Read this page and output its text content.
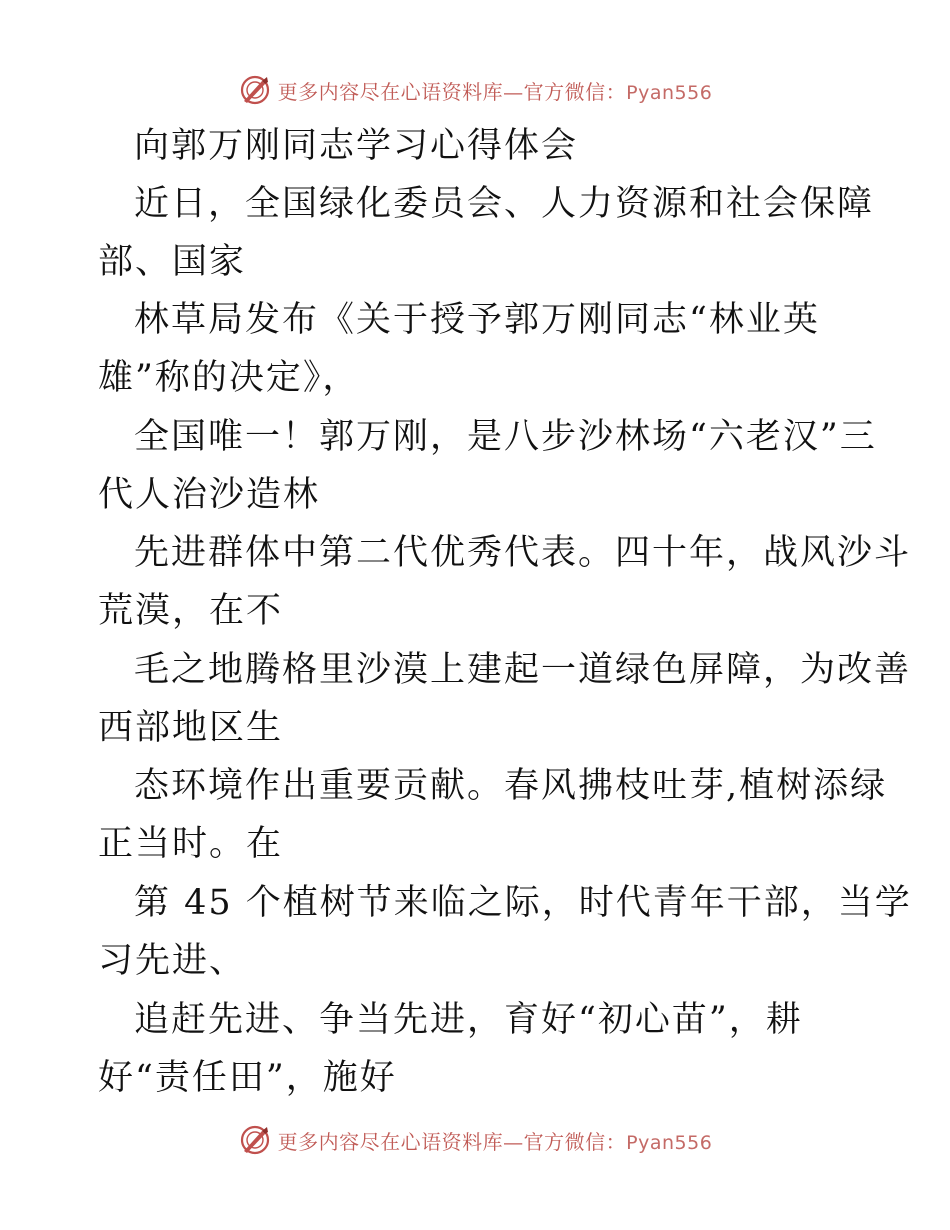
更多内容尽在心语资料库—官方微信：Pyan556
向郭万刚同志学习心得体会
近日，全国绿化委员会、人力资源和社会保障
部、国家
林草局发布《关于授予郭万刚同志“林业英
雄”称的决定》，
全国唯一！郭万刚，是八步沙林场“六老汉”三
代人治沙造林
先进群体中第二代优秀代表。四十年，战风沙斗
荒漠，在不
毛之地腾格里沙漠上建起一道绿色屏障，为改善
西部地区生
态环境作出重要贡献。春风拂枝吐芽,植树添绿
正当时。在
第 45 个植树节来临之际，时代青年干部，当学
习先进、
追赶先进、争当先进，育好“初心苗”，耕
好“责任田”，施好
更多内容尽在心语资料库—官方微信：Pyan556
